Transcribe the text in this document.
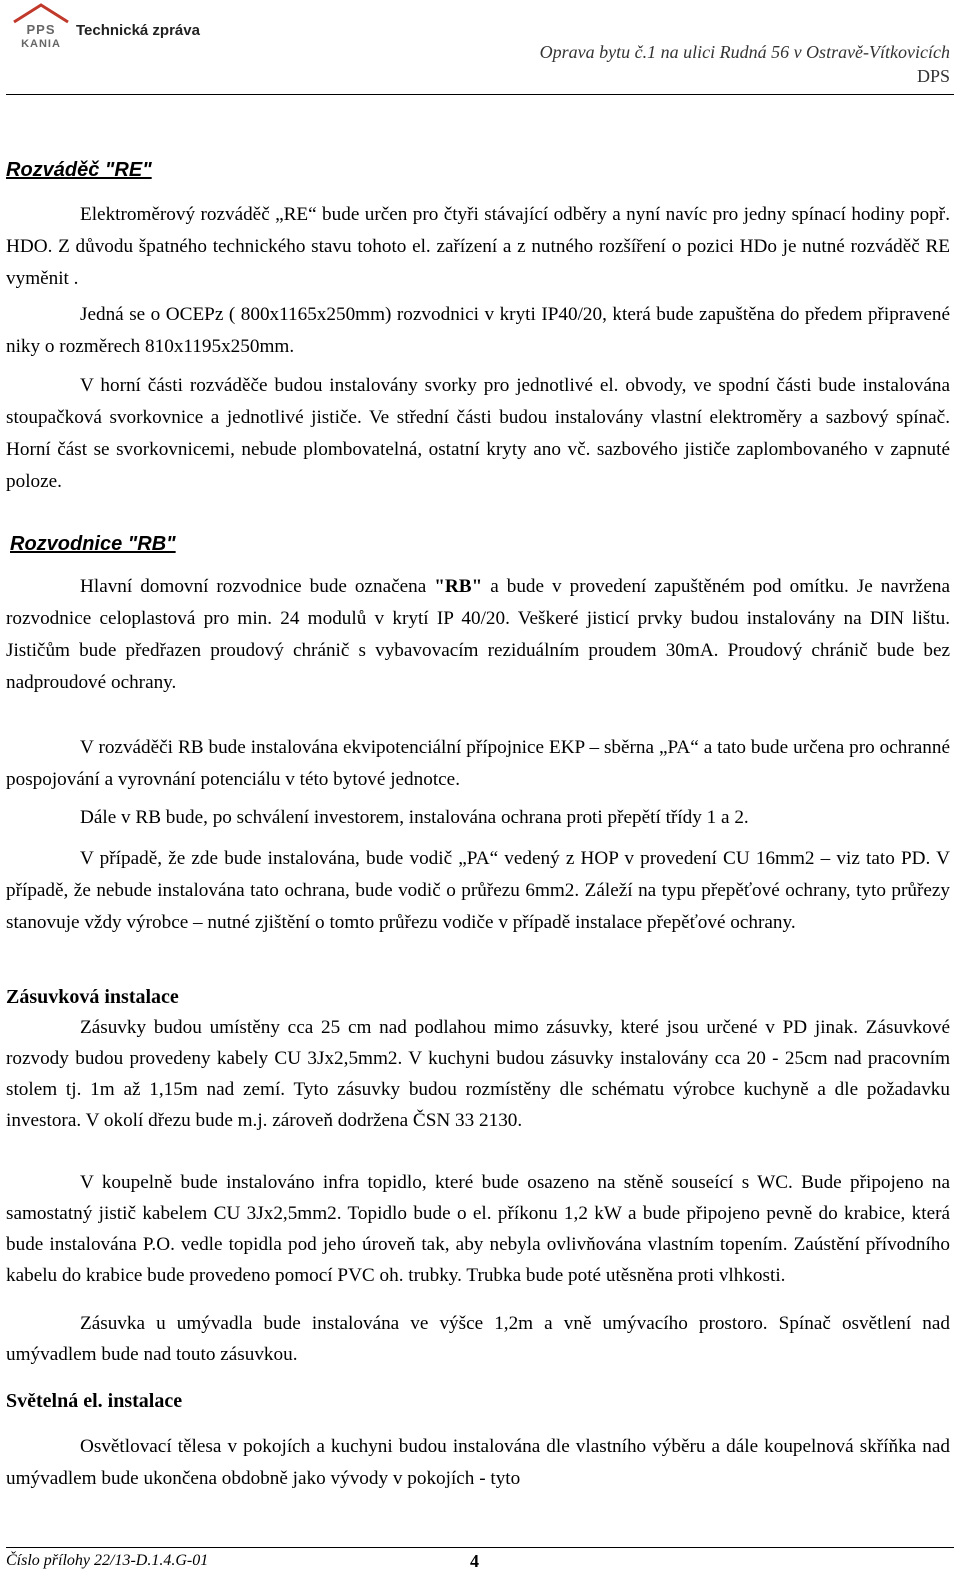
PPS
KANIA
Technická zpráva
Oprava bytu č.1 na ulici Rudná 56 v Ostravě-Vítkovicích
DPS
Rozváděč "RE"

Elektroměrový rozváděč „RE“ bude určen pro čtyři stávající odběry a nyní navíc pro jedny spínací hodiny popř. HDO. Z důvodu špatného technického stavu tohoto el. zařízení a z nutného rozšíření o pozici HDo je nutné rozváděč RE vyměnit .

Jedná se o OCEPz ( 800x1165x250mm) rozvodnici v kryti IP40/20, která bude zapuštěna do předem připravené niky o rozměrech 810x1195x250mm.

V horní části rozváděče budou instalovány svorky pro jednotlivé el. obvody, ve spodní části bude instalována stoupačková svorkovnice a jednotlivé jističe. Ve střední části budou instalovány vlastní elektroměry a sazbový spínač. Horní část se svorkovnicemi, nebude plombovatelná, ostatní kryty ano vč. sazbového jističe zaplombovaného v zapnuté poloze.

Rozvodnice "RB"

Hlavní domovní rozvodnice bude označena "RB" a bude v provedení zapuštěném pod omítku. Je navržena rozvodnice celoplastová pro min. 24 modulů v krytí IP 40/20. Veškeré jisticí prvky budou instalovány na DIN lištu. Jističům bude předřazen proudový chránič s vybavovacím reziduálním proudem 30mA. Proudový chránič bude bez nadproudové ochrany.

V rozváděči RB bude instalována ekvipotenciální přípojnice EKP – sběrna „PA“ a tato bude určena pro ochranné pospojování a vyrovnání potenciálu v této bytové jednotce.

Dále v RB bude, po schválení investorem, instalována ochrana proti přepětí třídy 1 a 2.

V případě, že zde bude instalována, bude vodič „PA“ vedený z HOP v provedení CU 16mm2 – viz tato PD. V případě, že nebude instalována tato ochrana, bude vodič o průřezu 6mm2. Záleží na typu přepěťové ochrany, tyto průřezy stanovuje vždy výrobce – nutné zjištění o tomto průřezu vodiče v případě instalace přepěťové ochrany.

Zásuvková instalace

Zásuvky budou umístěny cca 25 cm nad podlahou mimo zásuvky, které jsou určené v PD jinak. Zásuvkové rozvody budou provedeny kabely CU 3Jx2,5mm2. V kuchyni budou zásuvky instalovány cca 20 - 25cm nad pracovním stolem tj. 1m až 1,15m nad zemí. Tyto zásuvky budou rozmístěny dle schématu výrobce kuchyně a dle požadavku investora. V okolí dřezu bude m.j. zároveň dodržena ČSN 33 2130.

V koupelně bude instalováno infra topidlo, které bude osazeno na stěně souseící s WC. Bude připojeno na samostatný jistič kabelem CU 3Jx2,5mm2. Topidlo bude o el. příkonu 1,2 kW a bude připojeno pevně do krabice, která bude instalována P.O. vedle topidla pod jeho úroveň tak, aby nebyla ovlivňována vlastním topením. Zaústění přívodního kabelu do krabice bude provedeno pomocí PVC oh. trubky. Trubka bude poté utěsněna proti vlhkosti.

Zásuvka u umývadla bude instalována ve výšce 1,2m a vně umývacího prostoro. Spínač osvětlení nad umývadlem bude nad touto zásuvkou.

Světelná el. instalace

Osvětlovací tělesa v pokojích a kuchyni budou instalována dle vlastního výběru a dále koupelnová skříňka nad umývadlem bude ukončena obdobně jako vývody v pokojích - tyto

Číslo přílohy 22/13-D.1.4.G-01	4
